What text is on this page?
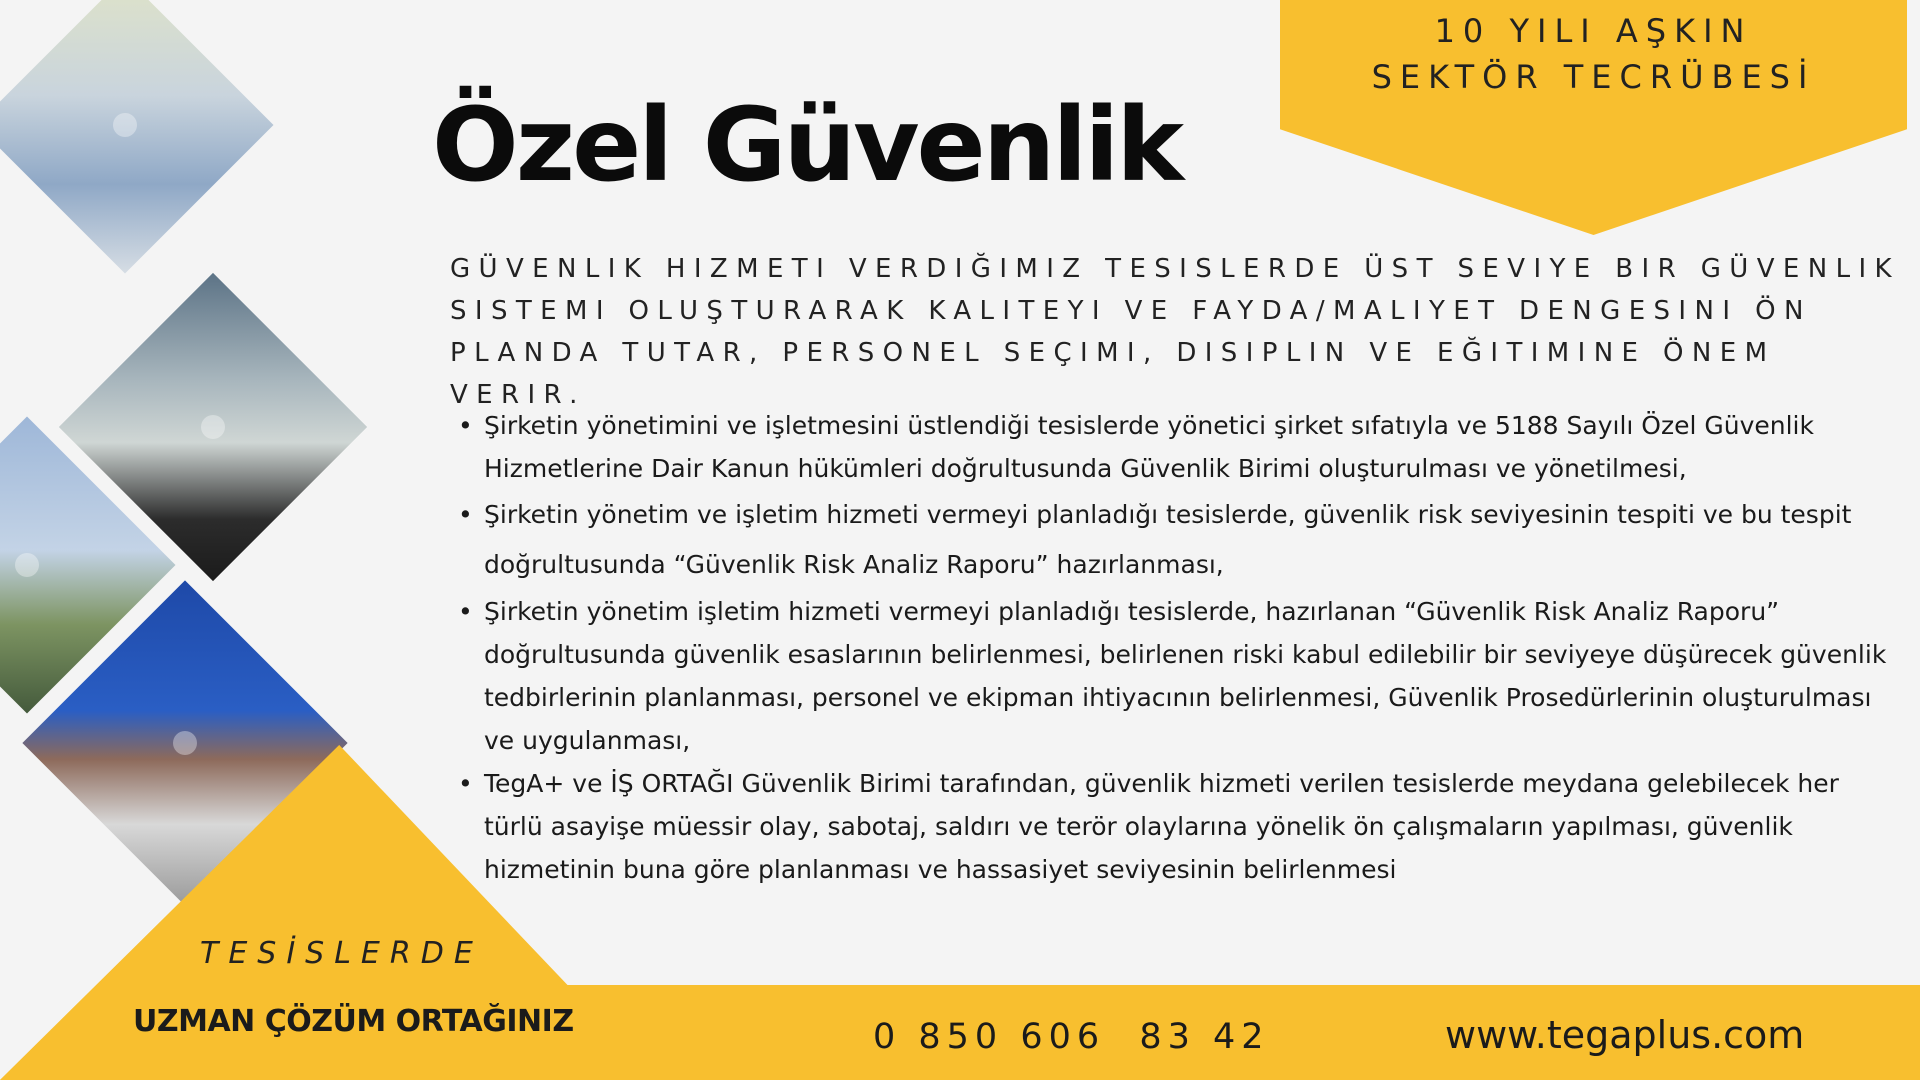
10 YILI AŞKIN
SEKTÖR TECRÜBESİ
Özel Güvenlik

GÜVENLIK HIZMETI VERDIĞIMIZ TESISLERDE ÜST SEVIYE BIR GÜVENLIK SISTEMI OLUŞTURARAK KALITEYI VE FAYDA/MALIYET DENGESINI ÖN PLANDA TUTAR, PERSONEL SEÇIMI, DISIPLIN VE EĞITIMINE ÖNEM VERIR.

• Şirketin yönetimini ve işletmesini üstlendiği tesislerde yönetici şirket sıfatıyla ve 5188 Sayılı Özel Güvenlik Hizmetlerine Dair Kanun hükümleri doğrultusunda Güvenlik Birimi oluşturulması ve yönetilmesi,
• Şirketin yönetim ve işletim hizmeti vermeyi planladığı tesislerde, güvenlik risk seviyesinin tespiti ve bu tespit doğrultusunda “Güvenlik Risk Analiz Raporu” hazırlanması,
• Şirketin yönetim işletim hizmeti vermeyi planladığı tesislerde, hazırlanan “Güvenlik Risk Analiz Raporu” doğrultusunda güvenlik esaslarının belirlenmesi, belirlenen riski kabul edilebilir bir seviyeye düşürecek güvenlik tedbirlerinin planlanması, personel ve ekipman ihtiyacının belirlenmesi, Güvenlik Prosedürlerinin oluşturulması ve uygulanması,
• TegA+ ve İŞ ORTAĞI Güvenlik Birimi tarafından, güvenlik hizmeti verilen tesislerde meydana gelebilecek her türlü asayişe müessir olay, sabotaj, saldırı ve terör olaylarına yönelik ön çalışmaların yapılması, güvenlik hizmetinin buna göre planlanması ve hassasiyet seviyesinin belirlenmesi
TESİSLERDE
UZMAN ÇÖZÜM ORTAĞINIZ	0 850 606  83 42	www.tegaplus.com
